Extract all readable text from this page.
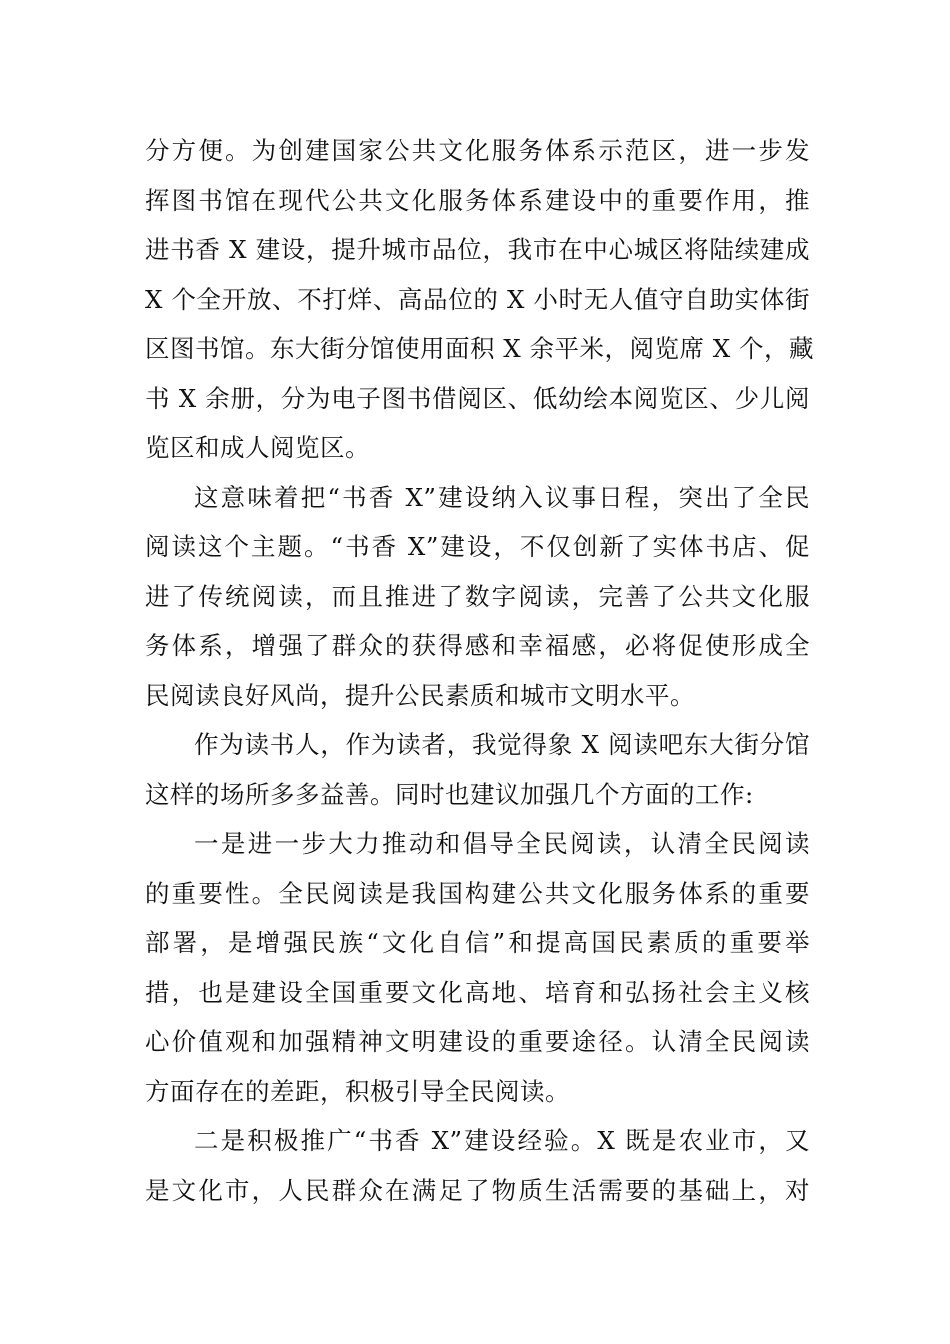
分方便。为创建国家公共文化服务体系示范区，进一步发
挥图书馆在现代公共文化服务体系建设中的重要作用，推
进书香 X 建设，提升城市品位，我市在中心城区将陆续建成
X 个全开放、不打烊、高品位的 X 小时无人值守自助实体街
区图书馆。东大街分馆使用面积 X 余平米，阅览席 X 个，藏
书 X 余册，分为电子图书借阅区、低幼绘本阅览区、少儿阅
览区和成人阅览区。
这意味着把“书香 X”建设纳入议事日程，突出了全民
阅读这个主题。“书香 X”建设，不仅创新了实体书店、促
进了传统阅读，而且推进了数字阅读，完善了公共文化服
务体系，增强了群众的获得感和幸福感，必将促使形成全
民阅读良好风尚，提升公民素质和城市文明水平。
作为读书人，作为读者，我觉得象 X 阅读吧东大街分馆
这样的场所多多益善。同时也建议加强几个方面的工作:
一是进一步大力推动和倡导全民阅读，认清全民阅读
的重要性。全民阅读是我国构建公共文化服务体系的重要
部署，是增强民族“文化自信”和提高国民素质的重要举
措，也是建设全国重要文化高地、培育和弘扬社会主义核
心价值观和加强精神文明建设的重要途径。认清全民阅读
方面存在的差距，积极引导全民阅读。
二是积极推广“书香 X”建设经验。X 既是农业市，又
是文化市，人民群众在满足了物质生活需要的基础上，对
